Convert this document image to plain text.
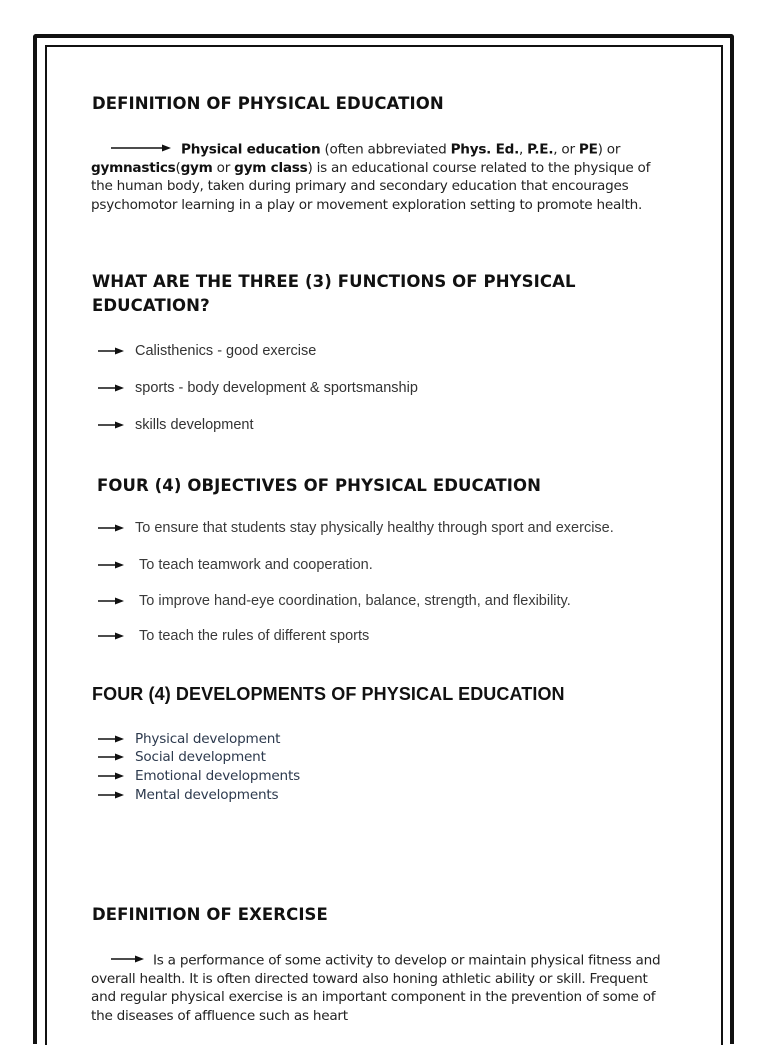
DEFINITION OF PHYSICAL EDUCATION

Physical education (often abbreviated Phys. Ed., P.E., or PE) or gymnastics(gym or gym class) is an educational course related to the physique of the human body, taken during primary and secondary education that encourages psychomotor learning in a play or movement exploration setting to promote health.

WHAT ARE THE THREE (3) FUNCTIONS OF PHYSICAL EDUCATION?
Calisthenics - good exercise
sports - body development & sportsmanship
skills development
FOUR (4) OBJECTIVES OF PHYSICAL EDUCATION
To ensure that students stay physically healthy through sport and exercise.
To teach teamwork and cooperation.
To improve hand-eye coordination, balance, strength, and flexibility.
To teach the rules of different sports
FOUR (4) DEVELOPMENTS OF PHYSICAL EDUCATION
Physical development
Social development
Emotional developments
Mental developments
DEFINITION OF EXERCISE

Is a performance of some activity to develop or maintain physical fitness and overall health. It is often directed toward also honing athletic ability or skill. Frequent and regular physical exercise is an important component in the prevention of some of the diseases of affluence such as heart
